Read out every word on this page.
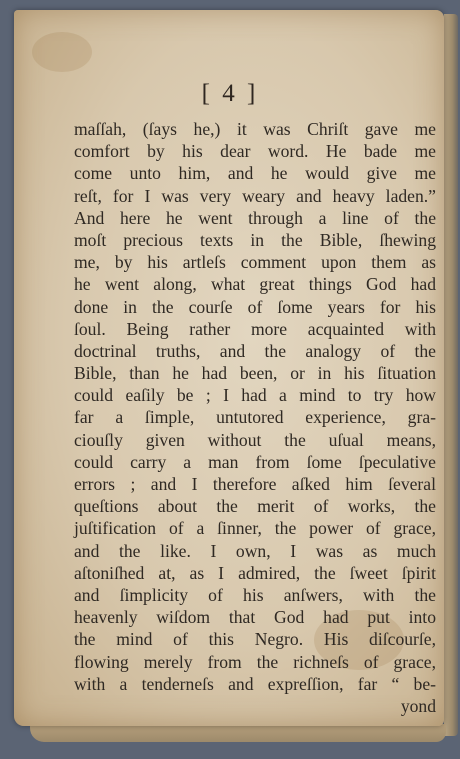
[ 4 ]
maſſah, (ſays he,) it was Chriſt gave me
comfort by his dear word. He bade me
come unto him, and he would give me
reſt, for I was very weary and heavy laden.”
And here he went through a line of the
moſt precious texts in the Bible, ſhewing
me, by his artleſs comment upon them as
he went along, what great things God had
done in the courſe of ſome years for his
ſoul. Being rather more acquainted with
doctrinal truths, and the analogy of the
Bible, than he had been, or in his ſituation
could eaſily be ; I had a mind to try how
far a ſimple, untutored experience, gra-
ciouſly given without the uſual means,
could carry a man from ſome ſpeculative
errors ; and I therefore aſked him ſeveral
queſtions about the merit of works, the
juſtification of a ſinner, the power of grace,
and the like. I own, I was as much
aſtoniſhed at, as I admired, the ſweet ſpirit
and ſimplicity of his anſwers, with the
heavenly wiſdom that God had put into
the mind of this Negro. His diſcourſe,
flowing merely from the richneſs of grace,
with a tenderneſs and expreſſion, far “ be-
yond
